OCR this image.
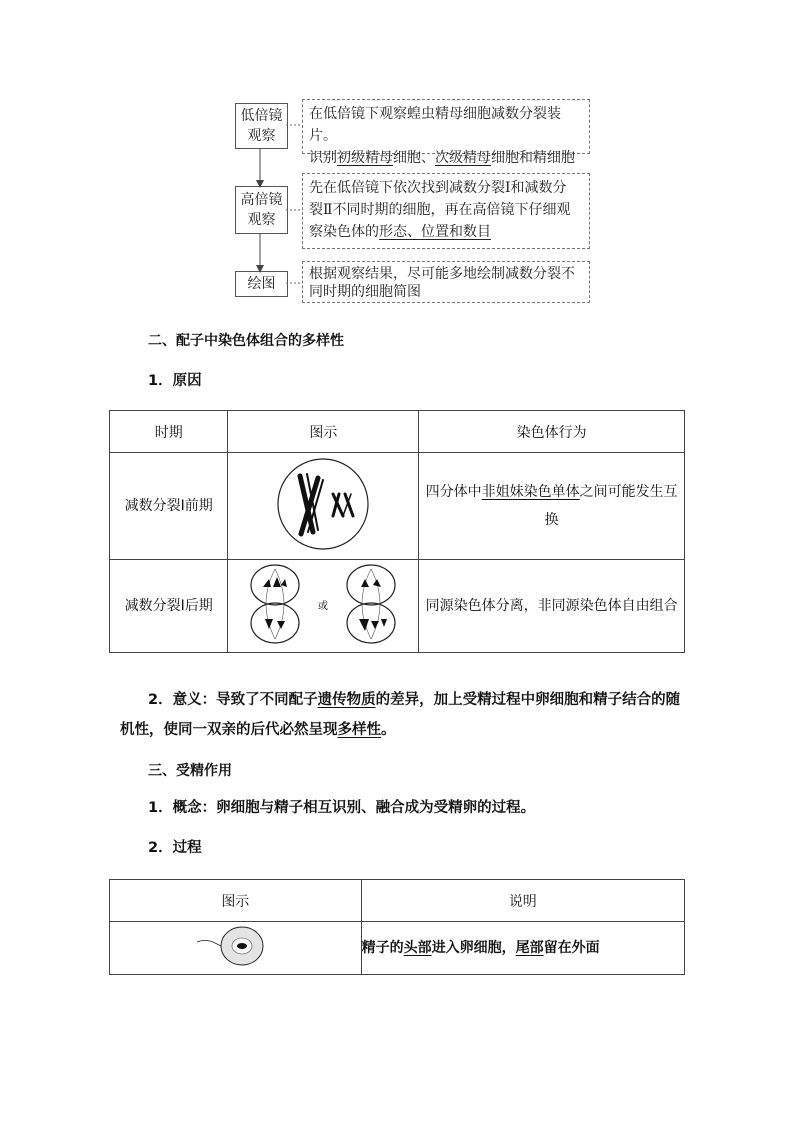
低倍镜
观察
在低倍镜下观察蝗虫精母细胞减数分裂装片。
识别初级精母细胞、次级精母细胞和精细胞
高倍镜
观察
先在低倍镜下依次找到减数分裂Ⅰ和减数分
裂Ⅱ不同时期的细胞，再在高倍镜下仔细观
察染色体的形态、位置和数目
绘图
根据观察结果，尽可能多地绘制减数分裂不
同时期的细胞简图
二、配子中染色体组合的多样性
1．原因
时期	图示	染色体行为
减数分裂Ⅰ前期		四分体中非姐妹染色单体之间可能发生互换
减数分裂Ⅰ后期	或	同源染色体分离，非同源染色体自由组合
2．意义：导致了不同配子遗传物质的差异，加上受精过程中卵细胞和精子结合的随机性，使同一双亲的后代必然呈现多样性。
三、受精作用
1．概念：卵细胞与精子相互识别、融合成为受精卵的过程。
2．过程
图示	说明
	精子的头部进入卵细胞，尾部留在外面
